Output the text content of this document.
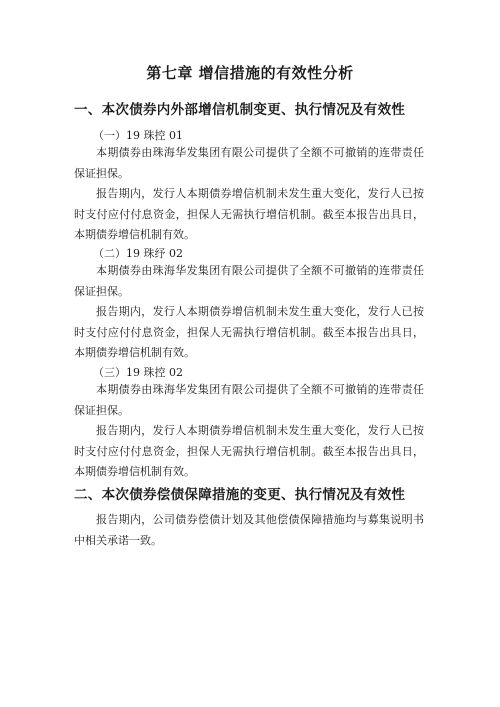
第七章 增信措施的有效性分析
一、本次债券内外部增信机制变更、执行情况及有效性
（一）19 珠控 01
本期债券由珠海华发集团有限公司提供了全额不可撤销的连带责任保证担保。
报告期内，发行人本期债券增信机制未发生重大变化，发行人已按时支付应付付息资金，担保人无需执行增信机制。截至本报告出具日，本期债券增信机制有效。
（二）19 珠纾 02
本期债券由珠海华发集团有限公司提供了全额不可撤销的连带责任保证担保。
报告期内，发行人本期债券增信机制未发生重大变化，发行人已按时支付应付付息资金，担保人无需执行增信机制。截至本报告出具日，本期债券增信机制有效。
（三）19 珠控 02
本期债券由珠海华发集团有限公司提供了全额不可撤销的连带责任保证担保。
报告期内，发行人本期债券增信机制未发生重大变化，发行人已按时支付应付付息资金，担保人无需执行增信机制。截至本报告出具日，本期债券增信机制有效。
二、本次债券偿债保障措施的变更、执行情况及有效性
报告期内，公司债券偿债计划及其他偿债保障措施均与募集说明书中相关承诺一致。
